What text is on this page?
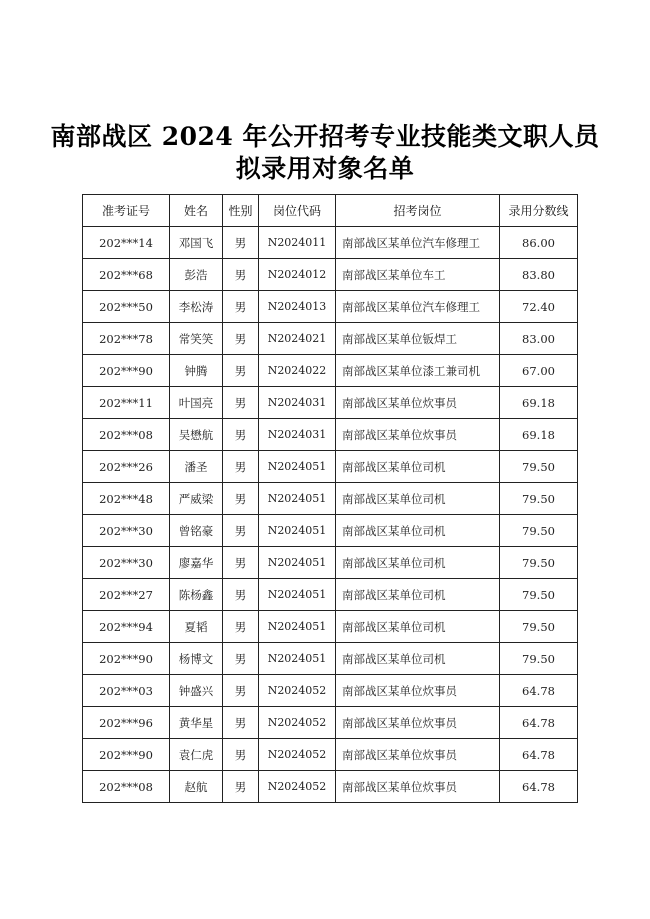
南部战区 2024 年公开招考专业技能类文职人员
拟录用对象名单
准考证号	姓名	性别	岗位代码	招考岗位	录用分数线
202***14	邓国飞	男	N2024011	南部战区某单位汽车修理工	86.00
202***68	彭浩	男	N2024012	南部战区某单位车工	83.80
202***50	李松涛	男	N2024013	南部战区某单位汽车修理工	72.40
202***78	常笑笑	男	N2024021	南部战区某单位钣焊工	83.00
202***90	钟腾	男	N2024022	南部战区某单位漆工兼司机	67.00
202***11	叶国亮	男	N2024031	南部战区某单位炊事员	69.18
202***08	吴懋航	男	N2024031	南部战区某单位炊事员	69.18
202***26	潘圣	男	N2024051	南部战区某单位司机	79.50
202***48	严威梁	男	N2024051	南部战区某单位司机	79.50
202***30	曾铭豪	男	N2024051	南部战区某单位司机	79.50
202***30	廖嘉华	男	N2024051	南部战区某单位司机	79.50
202***27	陈杨鑫	男	N2024051	南部战区某单位司机	79.50
202***94	夏韬	男	N2024051	南部战区某单位司机	79.50
202***90	杨博文	男	N2024051	南部战区某单位司机	79.50
202***03	钟盛兴	男	N2024052	南部战区某单位炊事员	64.78
202***96	黄华星	男	N2024052	南部战区某单位炊事员	64.78
202***90	袁仁虎	男	N2024052	南部战区某单位炊事员	64.78
202***08	赵航	男	N2024052	南部战区某单位炊事员	64.78
